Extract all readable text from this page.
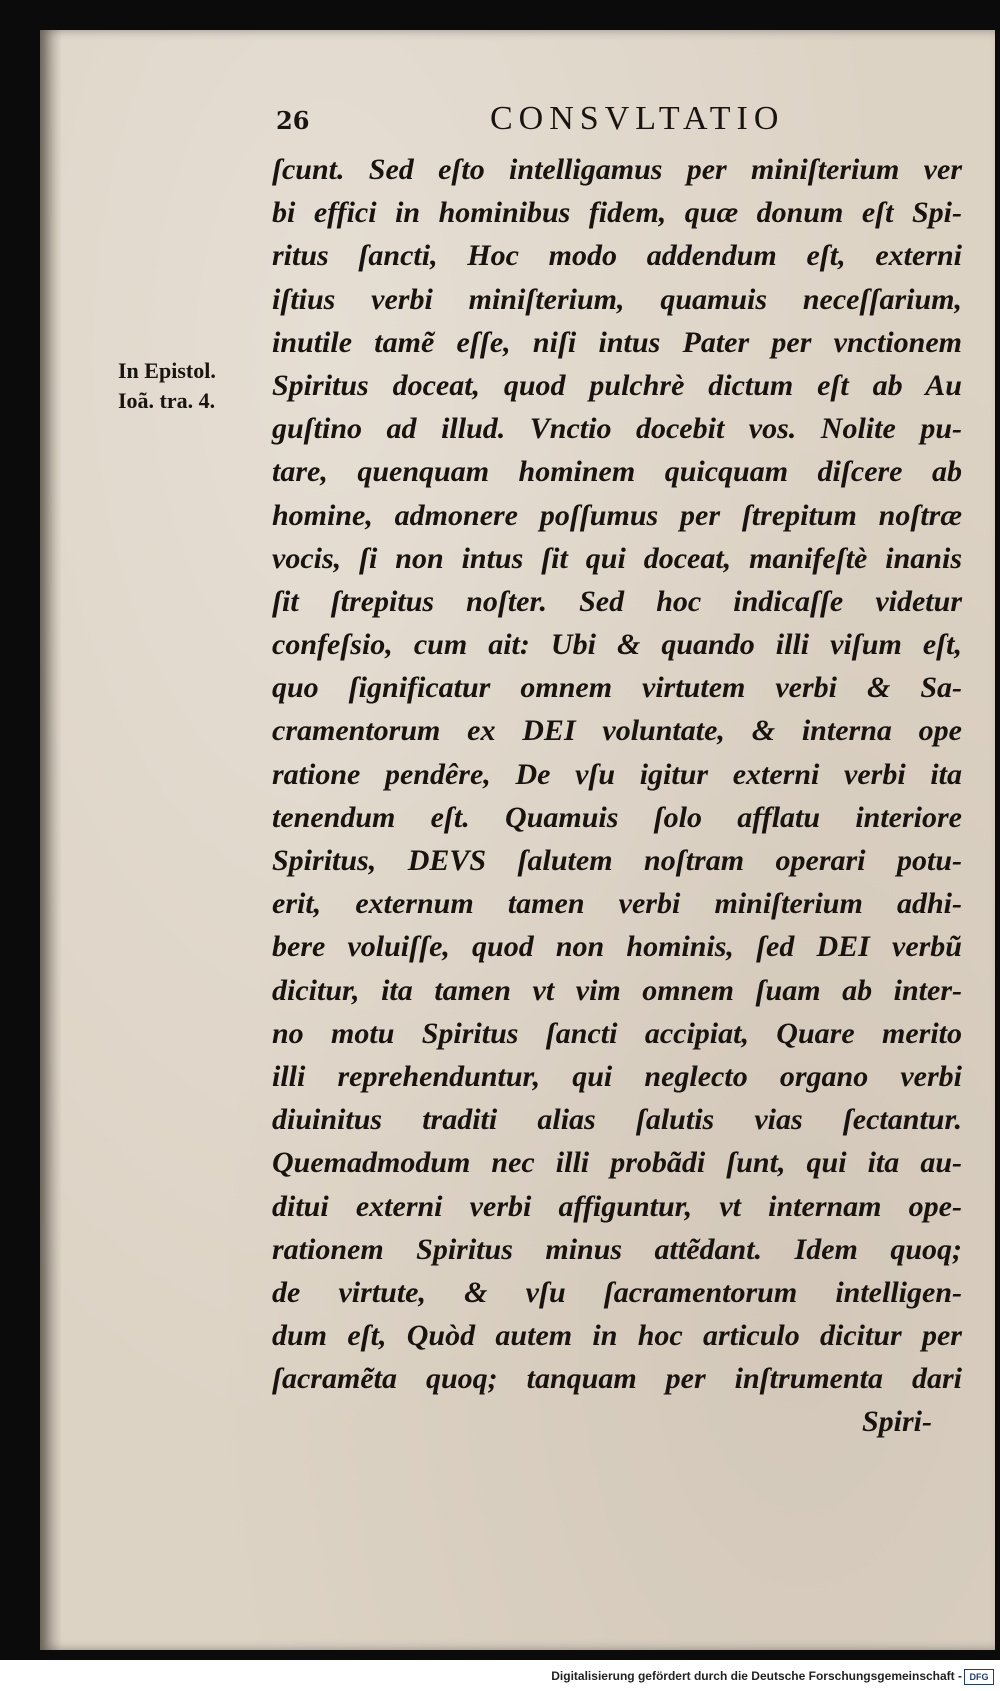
26	CONSVLTATIO
In Epistol.
Ioã. tra. 4.
ſcunt. Sed eſto intelligamus per miniſterium ver
bi effici in hominibus fidem, quæ donum eſt Spi-
ritus ſancti, Hoc modo addendum eſt, externi
iſtius verbi miniſterium, quamuis neceſſarium,
inutile tamẽ eſſe, niſi intus Pater per vnctionem
Spiritus doceat, quod pulchrè dictum eſt ab Au
guſtino ad illud. Vnctio docebit vos. Nolite pu-
tare, quenquam hominem quicquam diſcere ab
homine, admonere poſſumus per ſtrepitum noſtræ
vocis, ſi non intus ſit qui doceat, manifeſtè inanis
ſit ſtrepitus noſter. Sed hoc indicaſſe videtur
confeſsio, cum ait: Ubi & quando illi viſum eſt,
quo ſignificatur omnem virtutem verbi & Sa-
cramentorum ex DEI voluntate, & interna ope
ratione pendêre, De vſu igitur externi verbi ita
tenendum eſt. Quamuis ſolo afflatu interiore
Spiritus, DEVS ſalutem noſtram operari potu-
erit, externum tamen verbi miniſterium adhi-
bere voluiſſe, quod non hominis, ſed DEI verbũ
dicitur, ita tamen vt vim omnem ſuam ab inter-
no motu Spiritus ſancti accipiat, Quare merito
illi reprehenduntur, qui neglecto organo verbi
diuinitus traditi alias ſalutis vias ſectantur.
Quemadmodum nec illi probãdi ſunt, qui ita au-
ditui externi verbi affiguntur, vt internam ope-
rationem Spiritus minus attẽdant. Idem quoq;
de virtute, & vſu ſacramentorum intelligen-
dum eſt, Quòd autem in hoc articulo dicitur per
ſacramẽta quoq; tanquam per inſtrumenta dari
Spiri-
Digitalisierung gefördert durch die Deutsche Forschungsgemeinschaft - DFG
